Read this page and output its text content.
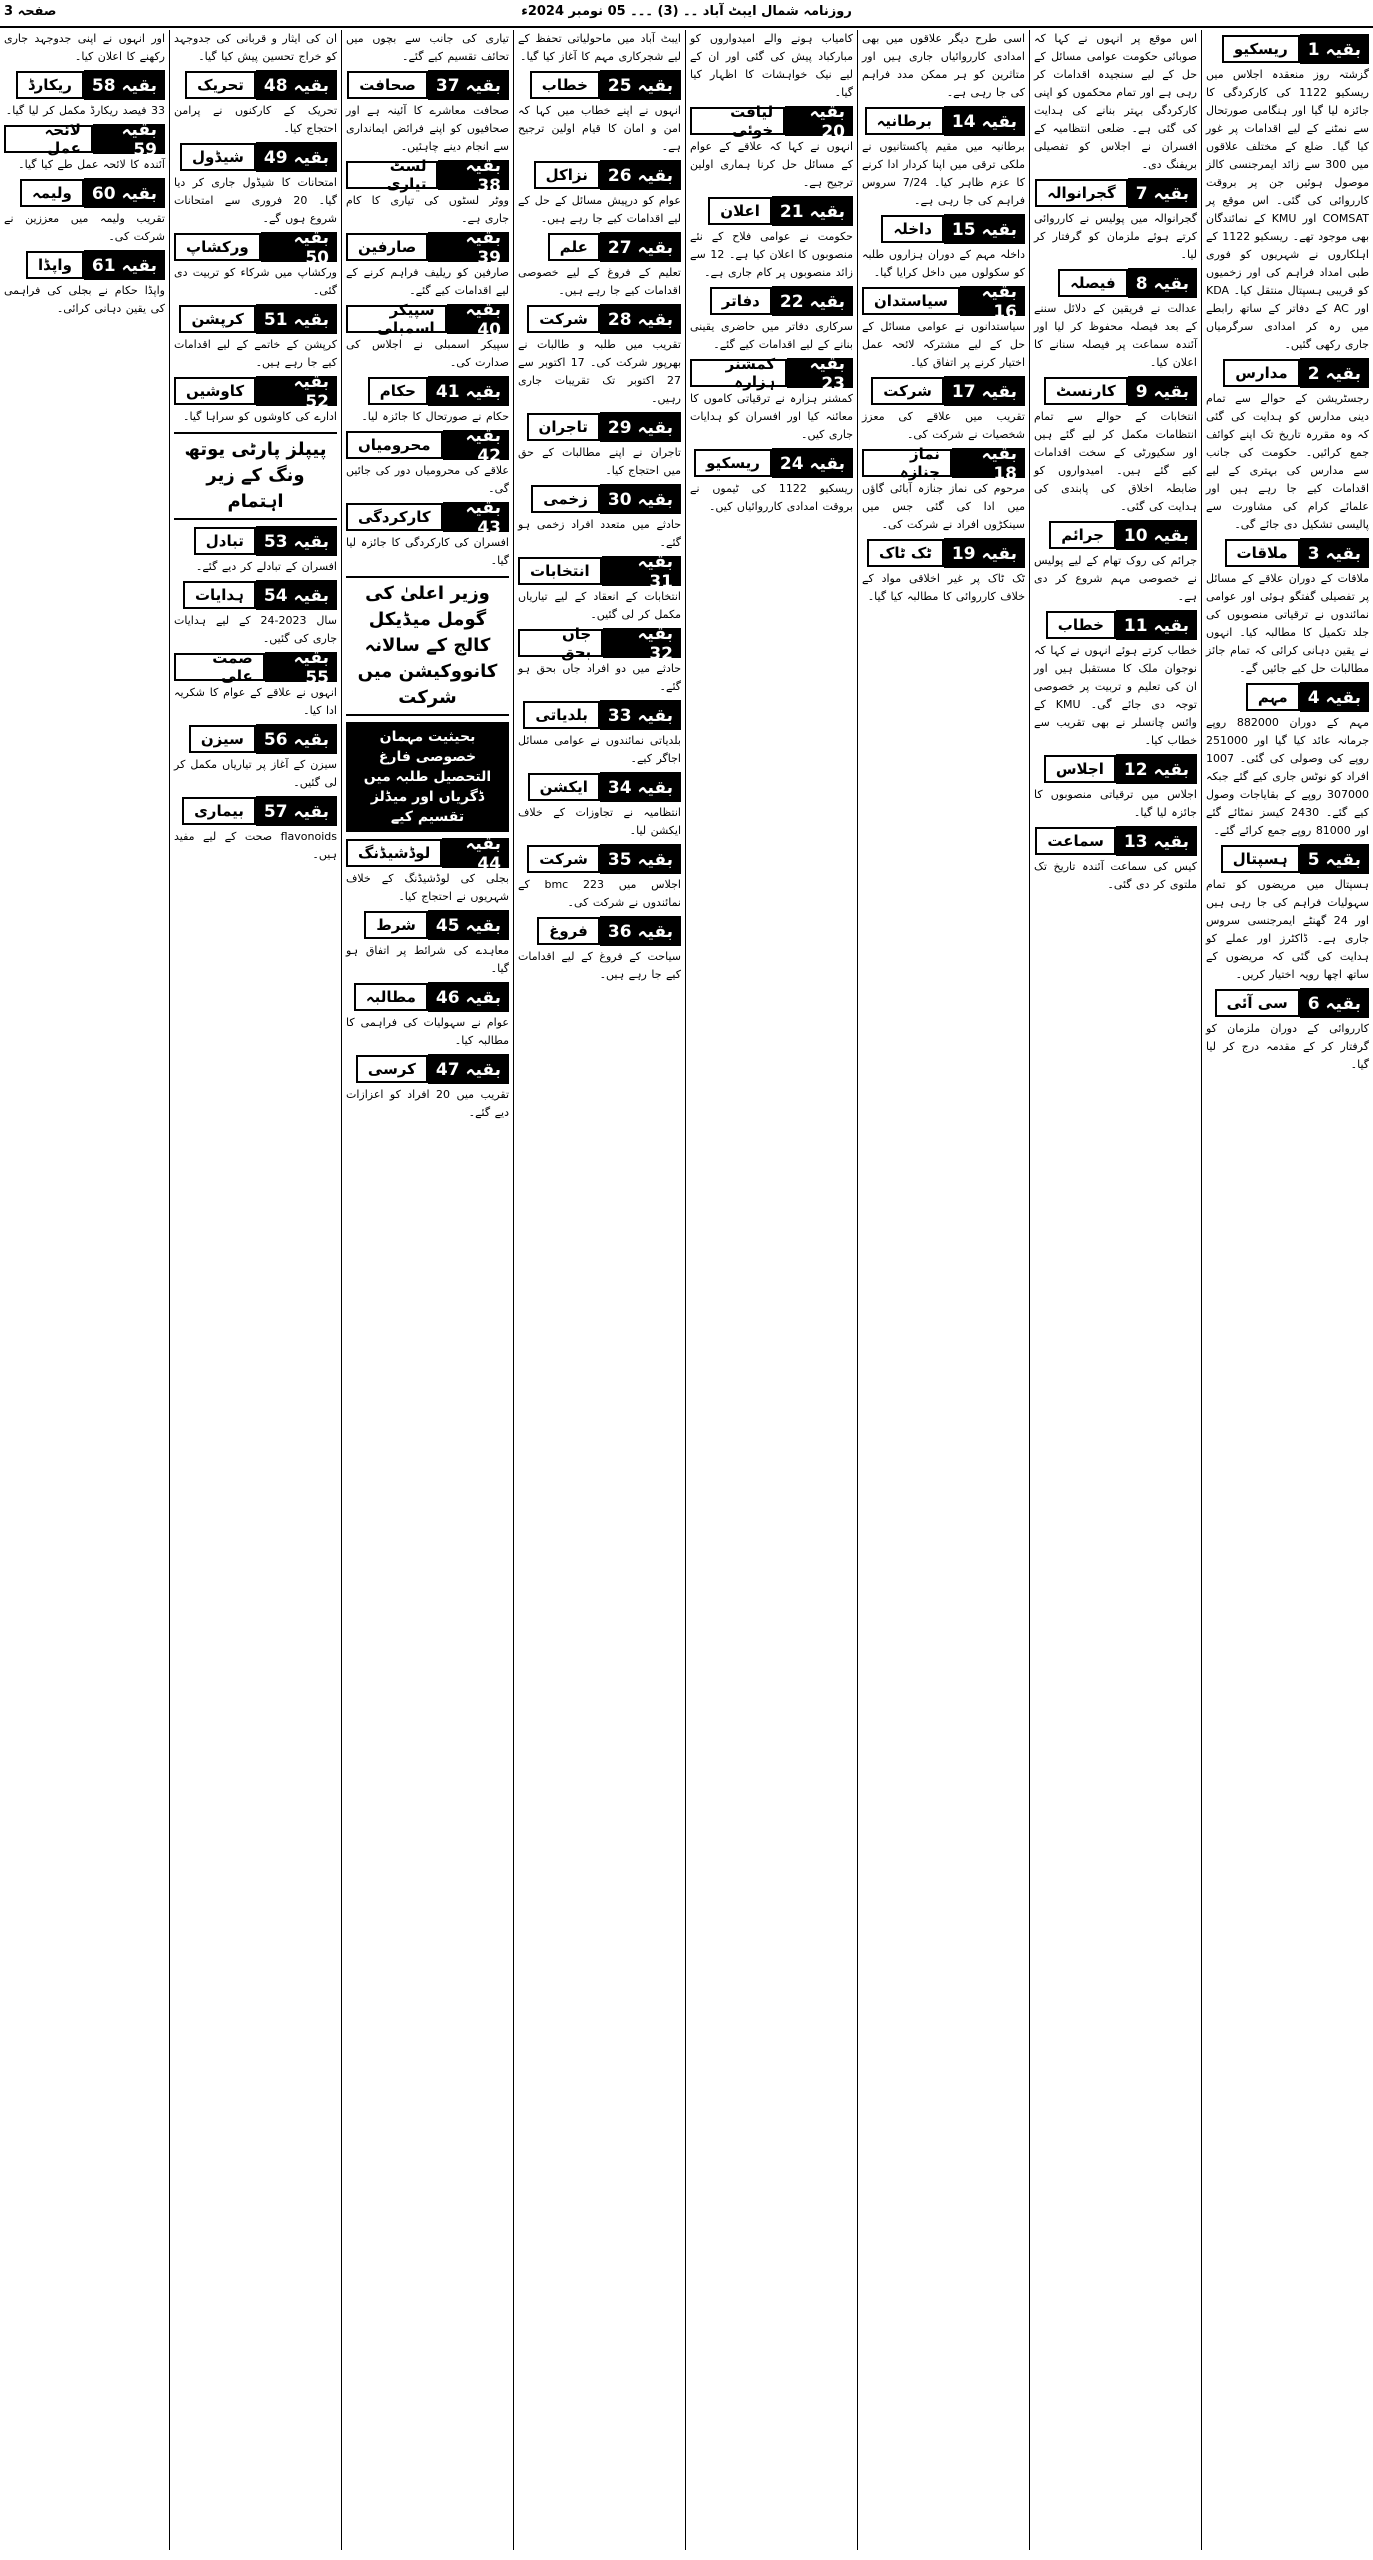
روزنامہ شمال ایبٹ آباد ۔۔ (3) ۔۔۔ 05 نومبر 2024ء
صفحہ 3
بقیہ 1
ریسکیو
گزشتہ روز منعقدہ اجلاس میں ریسکیو 1122 کی کارکردگی کا جائزہ لیا گیا اور ہنگامی صورتحال سے نمٹنے کے لیے اقدامات پر غور کیا گیا۔ ضلع کے مختلف علاقوں میں 300 سے زائد ایمرجنسی کالز موصول ہوئیں جن پر بروقت کارروائی کی گئی۔ اس موقع پر COMSAT اور KMU کے نمائندگان بھی موجود تھے۔ ریسکیو 1122 کے اہلکاروں نے شہریوں کو فوری طبی امداد فراہم کی اور زخمیوں کو قریبی ہسپتال منتقل کیا۔ KDA اور AC کے دفاتر کے ساتھ رابطے میں رہ کر امدادی سرگرمیاں جاری رکھی گئیں۔
بقیہ 2
مدارس
رجسٹریشن کے حوالے سے تمام دینی مدارس کو ہدایت کی گئی کہ وہ مقررہ تاریخ تک اپنے کوائف جمع کرائیں۔ حکومت کی جانب سے مدارس کی بہتری کے لیے اقدامات کیے جا رہے ہیں اور علمائے کرام کی مشاورت سے پالیسی تشکیل دی جائے گی۔
بقیہ 3
ملاقات
ملاقات کے دوران علاقے کے مسائل پر تفصیلی گفتگو ہوئی اور عوامی نمائندوں نے ترقیاتی منصوبوں کی جلد تکمیل کا مطالبہ کیا۔ انہوں نے یقین دہانی کرائی کہ تمام جائز مطالبات حل کیے جائیں گے۔
بقیہ 4
مہم
مہم کے دوران 882000 روپے جرمانہ عائد کیا گیا اور 251000 روپے کی وصولی کی گئی۔ 1007 افراد کو نوٹس جاری کیے گئے جبکہ 307000 روپے کے بقایاجات وصول کیے گئے۔ 2430 کیسز نمٹائے گئے اور 81000 روپے جمع کرائے گئے۔
بقیہ 5
ہسپتال
ہسپتال میں مریضوں کو تمام سہولیات فراہم کی جا رہی ہیں اور 24 گھنٹے ایمرجنسی سروس جاری ہے۔ ڈاکٹرز اور عملے کو ہدایت کی گئی کہ مریضوں کے ساتھ اچھا رویہ اختیار کریں۔
بقیہ 6
سی آئی
کارروائی کے دوران ملزمان کو گرفتار کر کے مقدمہ درج کر لیا گیا۔
اس موقع پر انہوں نے کہا کہ صوبائی حکومت عوامی مسائل کے حل کے لیے سنجیدہ اقدامات کر رہی ہے اور تمام محکموں کو اپنی کارکردگی بہتر بنانے کی ہدایت کی گئی ہے۔ ضلعی انتظامیہ کے افسران نے اجلاس کو تفصیلی بریفنگ دی۔
بقیہ 7
گجرانوالہ
گجرانوالہ میں پولیس نے کارروائی کرتے ہوئے ملزمان کو گرفتار کر لیا۔
بقیہ 8
فیصلہ
عدالت نے فریقین کے دلائل سننے کے بعد فیصلہ محفوظ کر لیا اور آئندہ سماعت پر فیصلہ سنانے کا اعلان کیا۔
بقیہ 9
کارنسٹ
انتخابات کے حوالے سے تمام انتظامات مکمل کر لیے گئے ہیں اور سکیورٹی کے سخت اقدامات کیے گئے ہیں۔ امیدواروں کو ضابطہ اخلاق کی پابندی کی ہدایت کی گئی۔
بقیہ 10
جرائم
جرائم کی روک تھام کے لیے پولیس نے خصوصی مہم شروع کر دی ہے۔
بقیہ 11
خطاب
خطاب کرتے ہوئے انہوں نے کہا کہ نوجوان ملک کا مستقبل ہیں اور ان کی تعلیم و تربیت پر خصوصی توجہ دی جائے گی۔ KMU کے وائس چانسلر نے بھی تقریب سے خطاب کیا۔
بقیہ 12
اجلاس
اجلاس میں ترقیاتی منصوبوں کا جائزہ لیا گیا۔
بقیہ 13
سماعت
کیس کی سماعت آئندہ تاریخ تک ملتوی کر دی گئی۔
اسی طرح دیگر علاقوں میں بھی امدادی کارروائیاں جاری ہیں اور متاثرین کو ہر ممکن مدد فراہم کی جا رہی ہے۔
بقیہ 14
برطانیہ
برطانیہ میں مقیم پاکستانیوں نے ملکی ترقی میں اپنا کردار ادا کرنے کا عزم ظاہر کیا۔ 7/24 سروس فراہم کی جا رہی ہے۔
بقیہ 15
داخلہ
داخلہ مہم کے دوران ہزاروں طلبہ کو سکولوں میں داخل کرایا گیا۔
بقیہ 16
سیاستدان
سیاستدانوں نے عوامی مسائل کے حل کے لیے مشترکہ لائحہ عمل اختیار کرنے پر اتفاق کیا۔
بقیہ 17
شرکت
تقریب میں علاقے کی معزز شخصیات نے شرکت کی۔
بقیہ 18
نماز جنازہ
مرحوم کی نماز جنازہ آبائی گاؤں میں ادا کی گئی جس میں سینکڑوں افراد نے شرکت کی۔
بقیہ 19
ٹک ٹاک
ٹک ٹاک پر غیر اخلاقی مواد کے خلاف کارروائی کا مطالبہ کیا گیا۔
کامیاب ہونے والے امیدواروں کو مبارکباد پیش کی گئی اور ان کے لیے نیک خواہشات کا اظہار کیا گیا۔
بقیہ 20
لیاقت خوئی
انہوں نے کہا کہ علاقے کے عوام کے مسائل حل کرنا ہماری اولین ترجیح ہے۔
بقیہ 21
اعلان
حکومت نے عوامی فلاح کے نئے منصوبوں کا اعلان کیا ہے۔ 12 سے زائد منصوبوں پر کام جاری ہے۔
بقیہ 22
دفاتر
سرکاری دفاتر میں حاضری یقینی بنانے کے لیے اقدامات کیے گئے۔
بقیہ 23
کمشنر ہزارہ
کمشنر ہزارہ نے ترقیاتی کاموں کا معائنہ کیا اور افسران کو ہدایات جاری کیں۔
بقیہ 24
ریسکیو
ریسکیو 1122 کی ٹیموں نے بروقت امدادی کارروائیاں کیں۔
ایبٹ آباد میں ماحولیاتی تحفظ کے لیے شجرکاری مہم کا آغاز کیا گیا۔
بقیہ 25
خطاب
انہوں نے اپنے خطاب میں کہا کہ امن و امان کا قیام اولین ترجیح ہے۔
بقیہ 26
نزاکل
عوام کو درپیش مسائل کے حل کے لیے اقدامات کیے جا رہے ہیں۔
بقیہ 27
علم
تعلیم کے فروغ کے لیے خصوصی اقدامات کیے جا رہے ہیں۔
بقیہ 28
شرکت
تقریب میں طلبہ و طالبات نے بھرپور شرکت کی۔ 17 اکتوبر سے 27 اکتوبر تک تقریبات جاری رہیں۔
بقیہ 29
تاجران
تاجران نے اپنے مطالبات کے حق میں احتجاج کیا۔
بقیہ 30
زخمی
حادثے میں متعدد افراد زخمی ہو گئے۔
بقیہ 31
انتخابات
انتخابات کے انعقاد کے لیے تیاریاں مکمل کر لی گئیں۔
بقیہ 32
جاں بحق
حادثے میں دو افراد جاں بحق ہو گئے۔
بقیہ 33
بلدیاتی
بلدیاتی نمائندوں نے عوامی مسائل اجاگر کیے۔
بقیہ 34
ایکشن
انتظامیہ نے تجاوزات کے خلاف ایکشن لیا۔
بقیہ 35
شرکت
اجلاس میں bmc 223 کے نمائندوں نے شرکت کی۔
بقیہ 36
فروغ
سیاحت کے فروغ کے لیے اقدامات کیے جا رہے ہیں۔
تیاری کی جانب سے بچوں میں تحائف تقسیم کیے گئے۔
بقیہ 37
صحافت
صحافت معاشرے کا آئینہ ہے اور صحافیوں کو اپنے فرائض ایمانداری سے انجام دینے چاہئیں۔
بقیہ 38
لسٹ تیاری
ووٹر لسٹوں کی تیاری کا کام جاری ہے۔
بقیہ 39
صارفین
صارفین کو ریلیف فراہم کرنے کے لیے اقدامات کیے گئے۔
بقیہ 40
سپیکر اسمبلی
سپیکر اسمبلی نے اجلاس کی صدارت کی۔
بقیہ 41
حکام
حکام نے صورتحال کا جائزہ لیا۔
بقیہ 42
محرومیاں
علاقے کی محرومیاں دور کی جائیں گی۔
بقیہ 43
کارکردگی
افسران کی کارکردگی کا جائزہ لیا گیا۔
وزیر اعلیٰ کی گومل میڈیکل کالج کے سالانہ کانووکیشن میں شرکت
بحیثیت مہمان خصوصی فارغ التحصیل طلبہ میں ڈگریاں اور میڈلز تقسیم کیے
بقیہ 44
لوڈشیڈنگ
بجلی کی لوڈشیڈنگ کے خلاف شہریوں نے احتجاج کیا۔
بقیہ 45
شرط
معاہدے کی شرائط پر اتفاق ہو گیا۔
بقیہ 46
مطالبہ
عوام نے سہولیات کی فراہمی کا مطالبہ کیا۔
بقیہ 47
کرسی
تقریب میں 20 افراد کو اعزازات دیے گئے۔
ان کی ایثار و قربانی کی جدوجہد کو خراج تحسین پیش کیا گیا۔
بقیہ 48
تحریک
تحریک کے کارکنوں نے پرامن احتجاج کیا۔
بقیہ 49
شیڈول
امتحانات کا شیڈول جاری کر دیا گیا۔ 20 فروری سے امتحانات شروع ہوں گے۔
بقیہ 50
ورکشاپ
ورکشاپ میں شرکاء کو تربیت دی گئی۔
بقیہ 51
کرپشن
کرپشن کے خاتمے کے لیے اقدامات کیے جا رہے ہیں۔
بقیہ 52
کاوشیں
ادارے کی کاوشوں کو سراہا گیا۔
پیپلز پارٹی یوتھ ونگ کے زیر اہتمام
بقیہ 53
تبادل
افسران کے تبادلے کر دیے گئے۔
بقیہ 54
ہدایات
سال 2023-24 کے لیے ہدایات جاری کی گئیں۔
بقیہ 55
صمت علی
انہوں نے علاقے کے عوام کا شکریہ ادا کیا۔
بقیہ 56
سیزن
سیزن کے آغاز پر تیاریاں مکمل کر لی گئیں۔
بقیہ 57
بیماری
flavonoids صحت کے لیے مفید ہیں۔
اور انہوں نے اپنی جدوجہد جاری رکھنے کا اعلان کیا۔
بقیہ 58
ریکارڈ
33 فیصد ریکارڈ مکمل کر لیا گیا۔
بقیہ 59
لائحہ عمل
آئندہ کا لائحہ عمل طے کیا گیا۔
بقیہ 60
ولیمہ
تقریب ولیمہ میں معززین نے شرکت کی۔
بقیہ 61
واپڈا
واپڈا حکام نے بجلی کی فراہمی کی یقین دہانی کرائی۔
